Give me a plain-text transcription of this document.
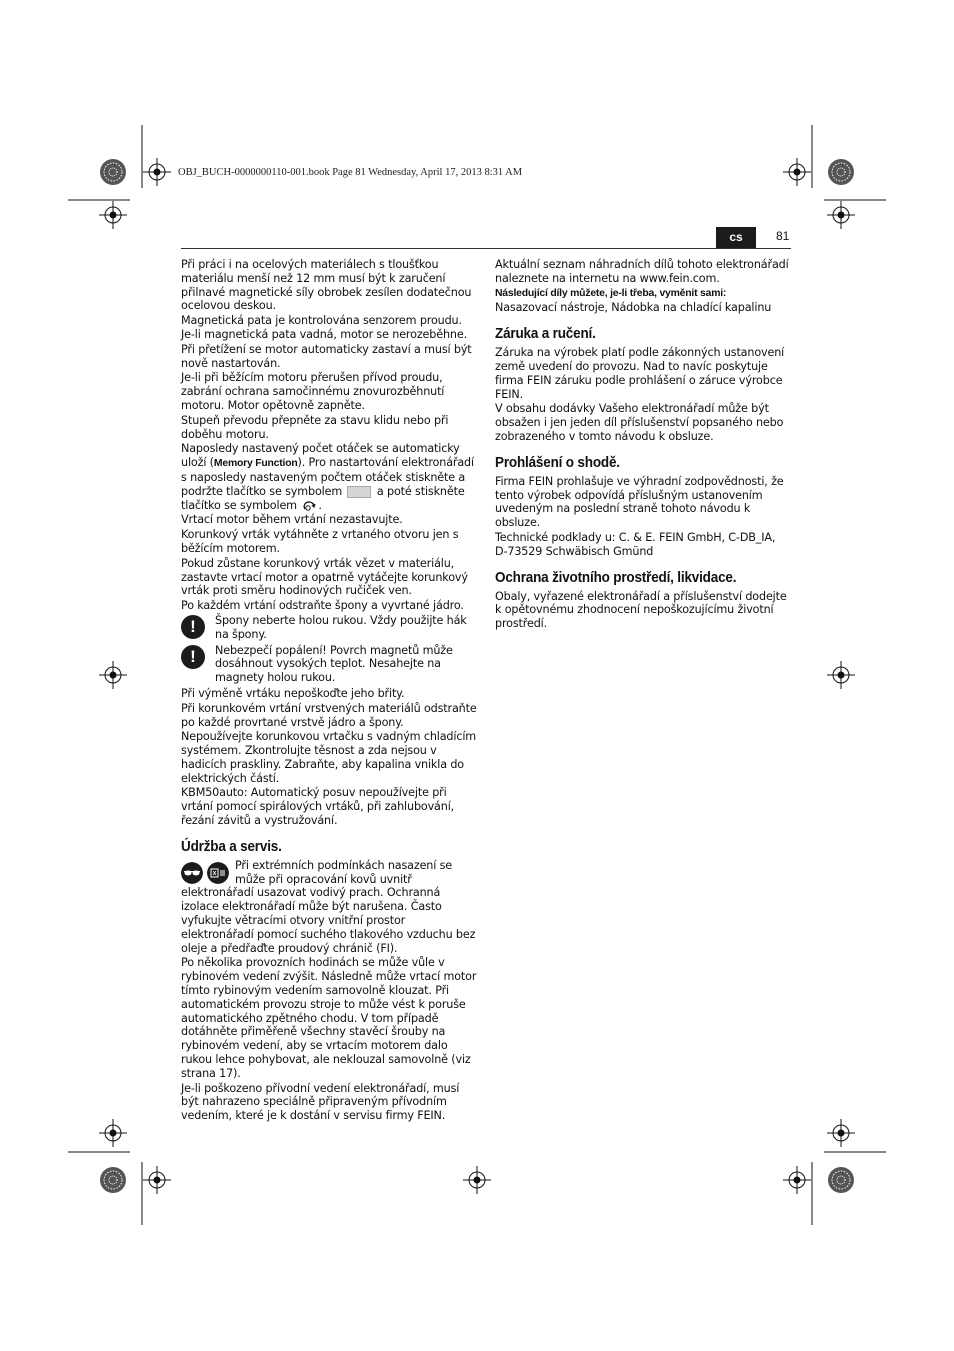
OBJ_BUCH-0000000110-001.book Page 81 Wednesday, April 17, 2013 8:31 AM
cs	81

Při práci i na ocelových materiálech s tloušťkou materiálu menší než 12 mm musí být k zaručení přilnavé magnetické síly obrobek zesílen dodatečnou ocelovou deskou.

Magnetická pata je kontrolována senzorem proudu. Je-li magnetická pata vadná, motor se nerozeběhne.

Při přetížení se motor automaticky zastaví a musí být nově nastartován.

Je-li při běžícím motoru přerušen přívod proudu, zabrání ochrana samočinnému znovurozběhnutí motoru. Motor opětovně zapněte.

Stupeň převodu přepněte za stavu klidu nebo při doběhu motoru.

Naposledy nastavený počet otáček se automaticky uloží (Memory Function). Pro nastartování elektronářadí s naposledy nastaveným počtem otáček stiskněte a podržte tlačítko se symbolem	a poté stiskněte tlačítko se symbolem .

Vrtací motor během vrtání nezastavujte.

Korunkový vrták vytáhněte z vrtaného otvoru jen s běžícím motorem.

Pokud zůstane korunkový vrták vězet v materiálu, zastavte vrtací motor a opatrně vytáčejte korunkový vrták proti směru hodinových ručiček ven.

Po každém vrtání odstraňte špony a vyvrtané jádro.

!	Špony neberte holou rukou. Vždy použijte hák na špony.

!	Nebezpečí popálení! Povrch magnetů může dosáhnout vysokých teplot. Nesahejte na magnety holou rukou.

Při výměně vrtáku nepoškoďte jeho břity.

Při korunkovém vrtání vrstvených materiálů odstraňte po každé provrtané vrstvě jádro a špony.

Nepoužívejte korunkovou vrtačku s vadným chladícím systémem. Zkontrolujte těsnost a zda nejsou v hadicích praskliny. Zabraňte, aby kapalina vnikla do elektrických částí.

KBM50auto: Automatický posuv nepoužívejte při vrtání pomocí spirálových vrtáků, při zahlubování, řezání závitů a vystružování.

Údržba a servis.

Při extrémních podmínkách nasazení se může při opracování kovů uvnitř elektronářadí usazovat vodivý prach. Ochranná izolace elektronářadí může být narušena. Často vyfukujte větracími otvory vnitřní prostor elektronářadí pomocí suchého tlakového vzduchu bez oleje a předřaďte proudový chránič (FI).

Po několika provozních hodinách se může vůle v rybinovém vedení zvýšit. Následně může vrtací motor tímto rybinovým vedením samovolně klouzat. Při automatickém provozu stroje to může vést k poruše automatického zpětného chodu. V tom případě dotáhněte přiměřeně všechny stavěcí šrouby na rybinovém vedení, aby se vrtacím motorem dalo rukou lehce pohybovat, ale neklouzal samovolně (viz strana 17).

Je-li poškozeno přívodní vedení elektronářadí, musí být nahrazeno speciálně připraveným přívodním vedením, které je k dostání v servisu firmy FEIN.

Aktuální seznam náhradních dílů tohoto elektronářadí naleznete na internetu na www.fein.com.

Následující díly můžete, je-li třeba, vyměnit sami:

Nasazovací nástroje, Nádobka na chladící kapalinu

Záruka a ručení.

Záruka na výrobek platí podle zákonných ustanovení země uvedení do provozu. Nad to navíc poskytuje firma FEIN záruku podle prohlášení o záruce výrobce FEIN.

V obsahu dodávky Vašeho elektronářadí může být obsažen i jen jeden díl příslušenství popsaného nebo zobrazeného v tomto návodu k obsluze.

Prohlášení o shodě.

Firma FEIN prohlašuje ve výhradní zodpovědnosti, že tento výrobek odpovídá příslušným ustanovením uvedeným na poslední straně tohoto návodu k obsluze.

Technické podklady u: C. & E. FEIN GmbH, C-DB_IA, D-73529 Schwäbisch Gmünd

Ochrana životního prostředí, likvidace.

Obaly, vyřazené elektronářadí a příslušenství dodejte k opětovnému zhodnocení nepoškozujícímu životní prostředí.
